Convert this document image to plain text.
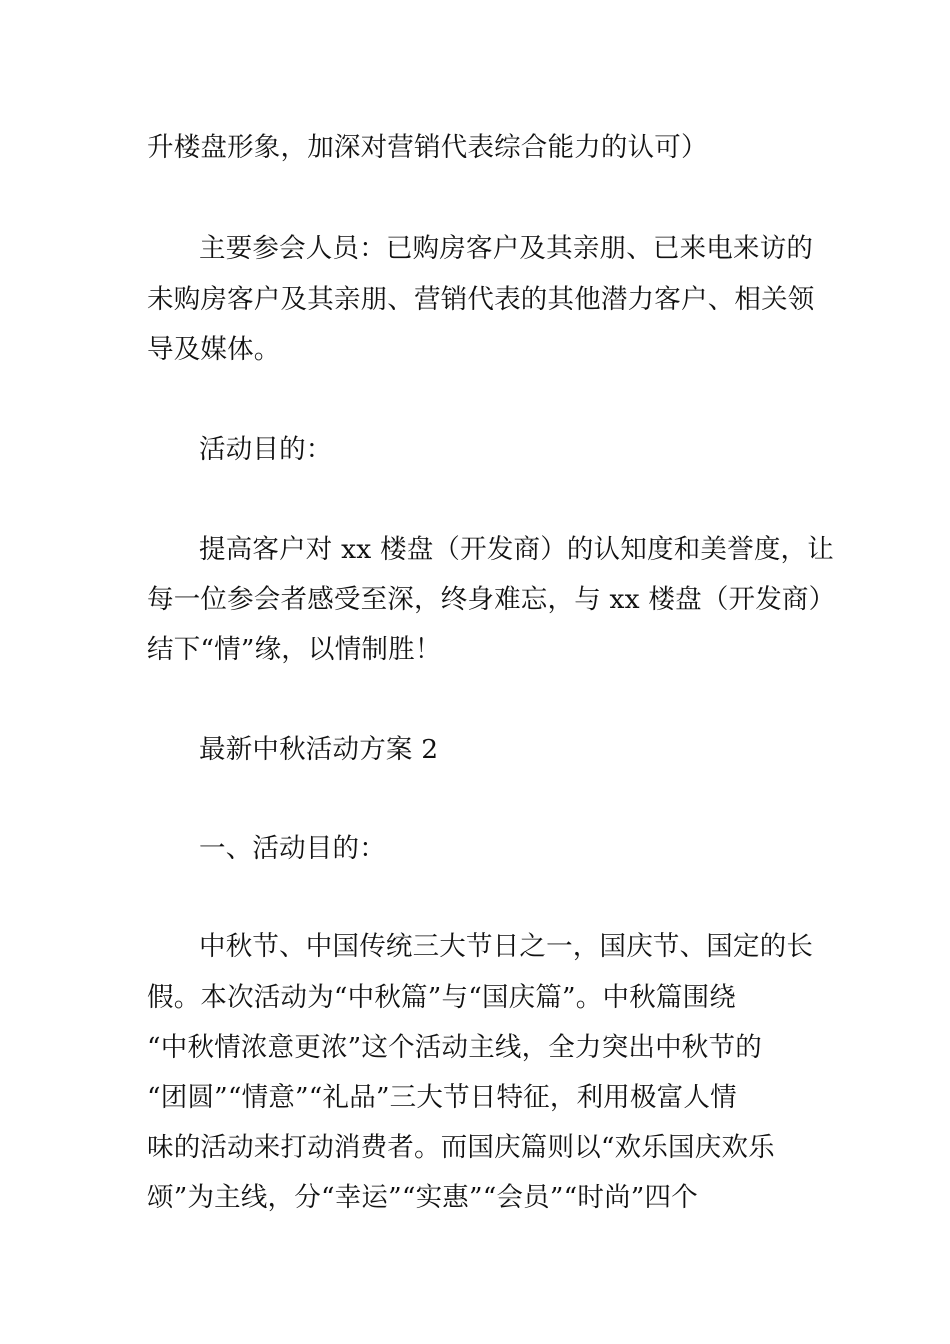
升楼盘形象，加深对营销代表综合能力的认可）
主要参会人员：已购房客户及其亲朋、已来电来访的
未购房客户及其亲朋、营销代表的其他潜力客户、相关领
导及媒体。
活动目的：
提高客户对 xx 楼盘（开发商）的认知度和美誉度，让
每一位参会者感受至深，终身难忘，与 xx 楼盘（开发商）
结下“情”缘，以情制胜！
最新中秋活动方案 2
一、活动目的：
中秋节、中国传统三大节日之一，国庆节、国定的长
假。本次活动为“中秋篇”与“国庆篇”。中秋篇围绕
“中秋情浓意更浓”这个活动主线，全力突出中秋节的
“团圆”“情意”“礼品”三大节日特征，利用极富人情
味的活动来打动消费者。而国庆篇则以“欢乐国庆欢乐
颂”为主线，分“幸运”“实惠”“会员”“时尚”四个
